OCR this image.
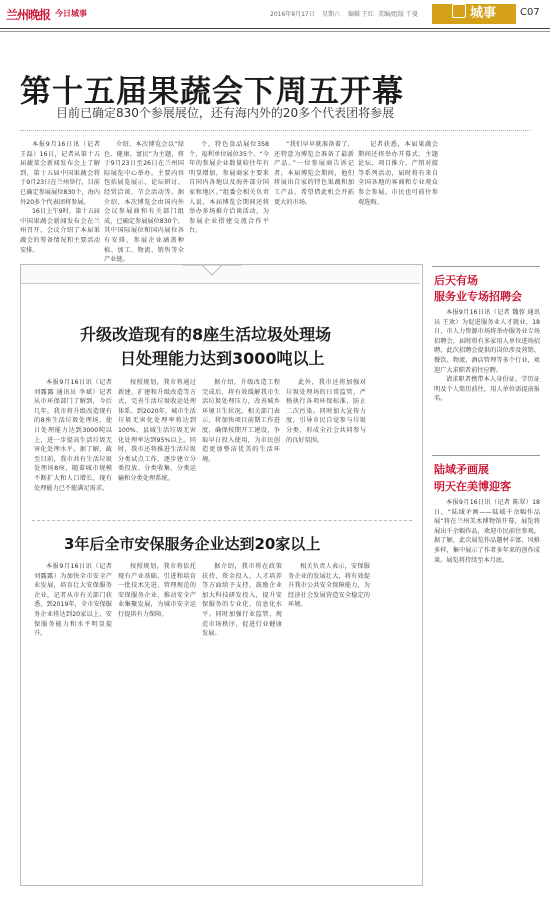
兰州晚报 今日城事	2016年9月17日 星期六 编辑 王红 美编/组版 干曼	城事	C07
第十五届果蔬会下周五开幕
目前已确定830个参展展位，还有海内外的20多个代表团将参展

本报9月16日讯（记者 王磊）16日，记者从第十五届蔬菜会新闻发布会上了解到，第十五届中国果蔬会将于9月23日在兰州举行，目前已确定参展展位830个，海内外20多个代表团将参展。

16日上午9时，第十五届中国果蔬会新闻发布会在兰州召开，会议介绍了本届果蔬会的筹备情况和主要活动安排。

介绍，本次博览会以“绿色、健康、富民”为主题，将于9月23日至26日在兰州国际展览中心举办。主要内容包括展览展示、论坛研讨、经贸洽谈、节会活动等。据介绍，本次博览会由国内外会议参展商和有关部门组成，已确定参展展位830个，其中国际展位和国内展位各有安排，参展企业涵盖种植、加工、物流、销售等全产业链。

个，特色食品展位358个，福利单位展位35个。“今年的参展企业数量较往年有明显增加，参展商家主要来自国内各地以及海外部分国家和地区。”组委会相关负责人说，本届博览会期间还将举办多场推介洽谈活动，为参展企业搭建交流合作平台。

“我们早早就准备着了，还特意为博览会准备了最新产品。”一位参展商告诉记者，本届博览会期间，他们将展出自家的特色果蔬和加工产品，希望借此机会开拓更大的市场。

记者获悉，本届果蔬会期间还将举办开幕式、主题论坛、项目推介、产销对接等系列活动，届时将有来自全国各地的客商和专业观众参会参展，市民也可前往参观选购。

升级改造现有的8座生活垃圾处理场
日处理能力达到3000吨以上

本报9月16日讯（记者 刘露露 通讯员 李斌）记者从市环保部门了解到，今后几年，我市将升级改造现有的8座生活垃圾处理场，使日处理能力达到3000吨以上，进一步提高生活垃圾无害化处理水平。据了解，截至目前，我市共有生活垃圾处理场8座，随着城市规模不断扩大和人口增长，现有处理能力已不能满足需求。

按照规划，我市将通过新建、扩建和升级改造等方式，完善生活垃圾收运处理体系。到2020年，城市生活垃圾无害化处理率将达到100%，县城生活垃圾无害化处理率达到95%以上。同时，我市还将推进生活垃圾分类试点工作，逐步建立分类投放、分类收集、分类运输和分类处理系统。

据介绍，升级改造工程完成后，将有效缓解我市生活垃圾处理压力，改善城乡环境卫生状况。相关部门表示，将加快项目前期工作进度，确保按期开工建设，争取早日投入使用，为市民创造更加整洁优美的生活环境。

此外，我市还将加强对垃圾处理场的日常监管，严格执行各项环保标准，防止二次污染。同时加大宣传力度，引导市民自觉参与垃圾分类，形成全社会共同参与的良好氛围。

3年后全市安保服务企业达到20家以上

本报9月16日讯（记者 刘露露）为加快全市安全产业发展，培育壮大安保服务企业，记者从市有关部门获悉，到2019年，全市安保服务企业将达到20家以上，安保服务能力和水平明显提升。

按照规划，我市将依托现有产业基础，引进和培育一批技术先进、管理规范的安保服务企业，推动安全产业集聚发展，为城市安全运行提供有力保障。

据介绍，我市将在政策扶持、资金投入、人才培养等方面给予支持，鼓励企业加大科技研发投入，提升安保服务的专业化、信息化水平。同时加强行业监管，规范市场秩序，促进行业健康发展。

相关负责人表示，安保服务企业的发展壮大，将有效提升我市公共安全保障能力，为经济社会发展营造安全稳定的环境。

后天有场
服务业专场招聘会

本报9月16日讯（记者 魏蓉 通讯员 王欢）为促进服务业人才就业，18日，市人力资源市场将举办服务业专场招聘会，届时将有多家用人单位进场招聘。此次招聘会提供的岗位涉及营销、餐饮、物流、酒店管理等多个行业，欢迎广大求职者前往应聘。

请求职者携带本人身份证、学历证明及个人简历前往，用人单位需提前报名。

陆域矛画展
明天在美博迎客

本报9月16日讯（记者 陈翠）18日，“陆域矛画——陆域千余幅作品展”将在兰州美术博物馆开幕，展览将展出千余幅作品，欢迎市民前往参观。据了解，此次展览作品题材丰富，风格多样，集中展示了作者多年来的创作成果。展览将持续至本月底。
